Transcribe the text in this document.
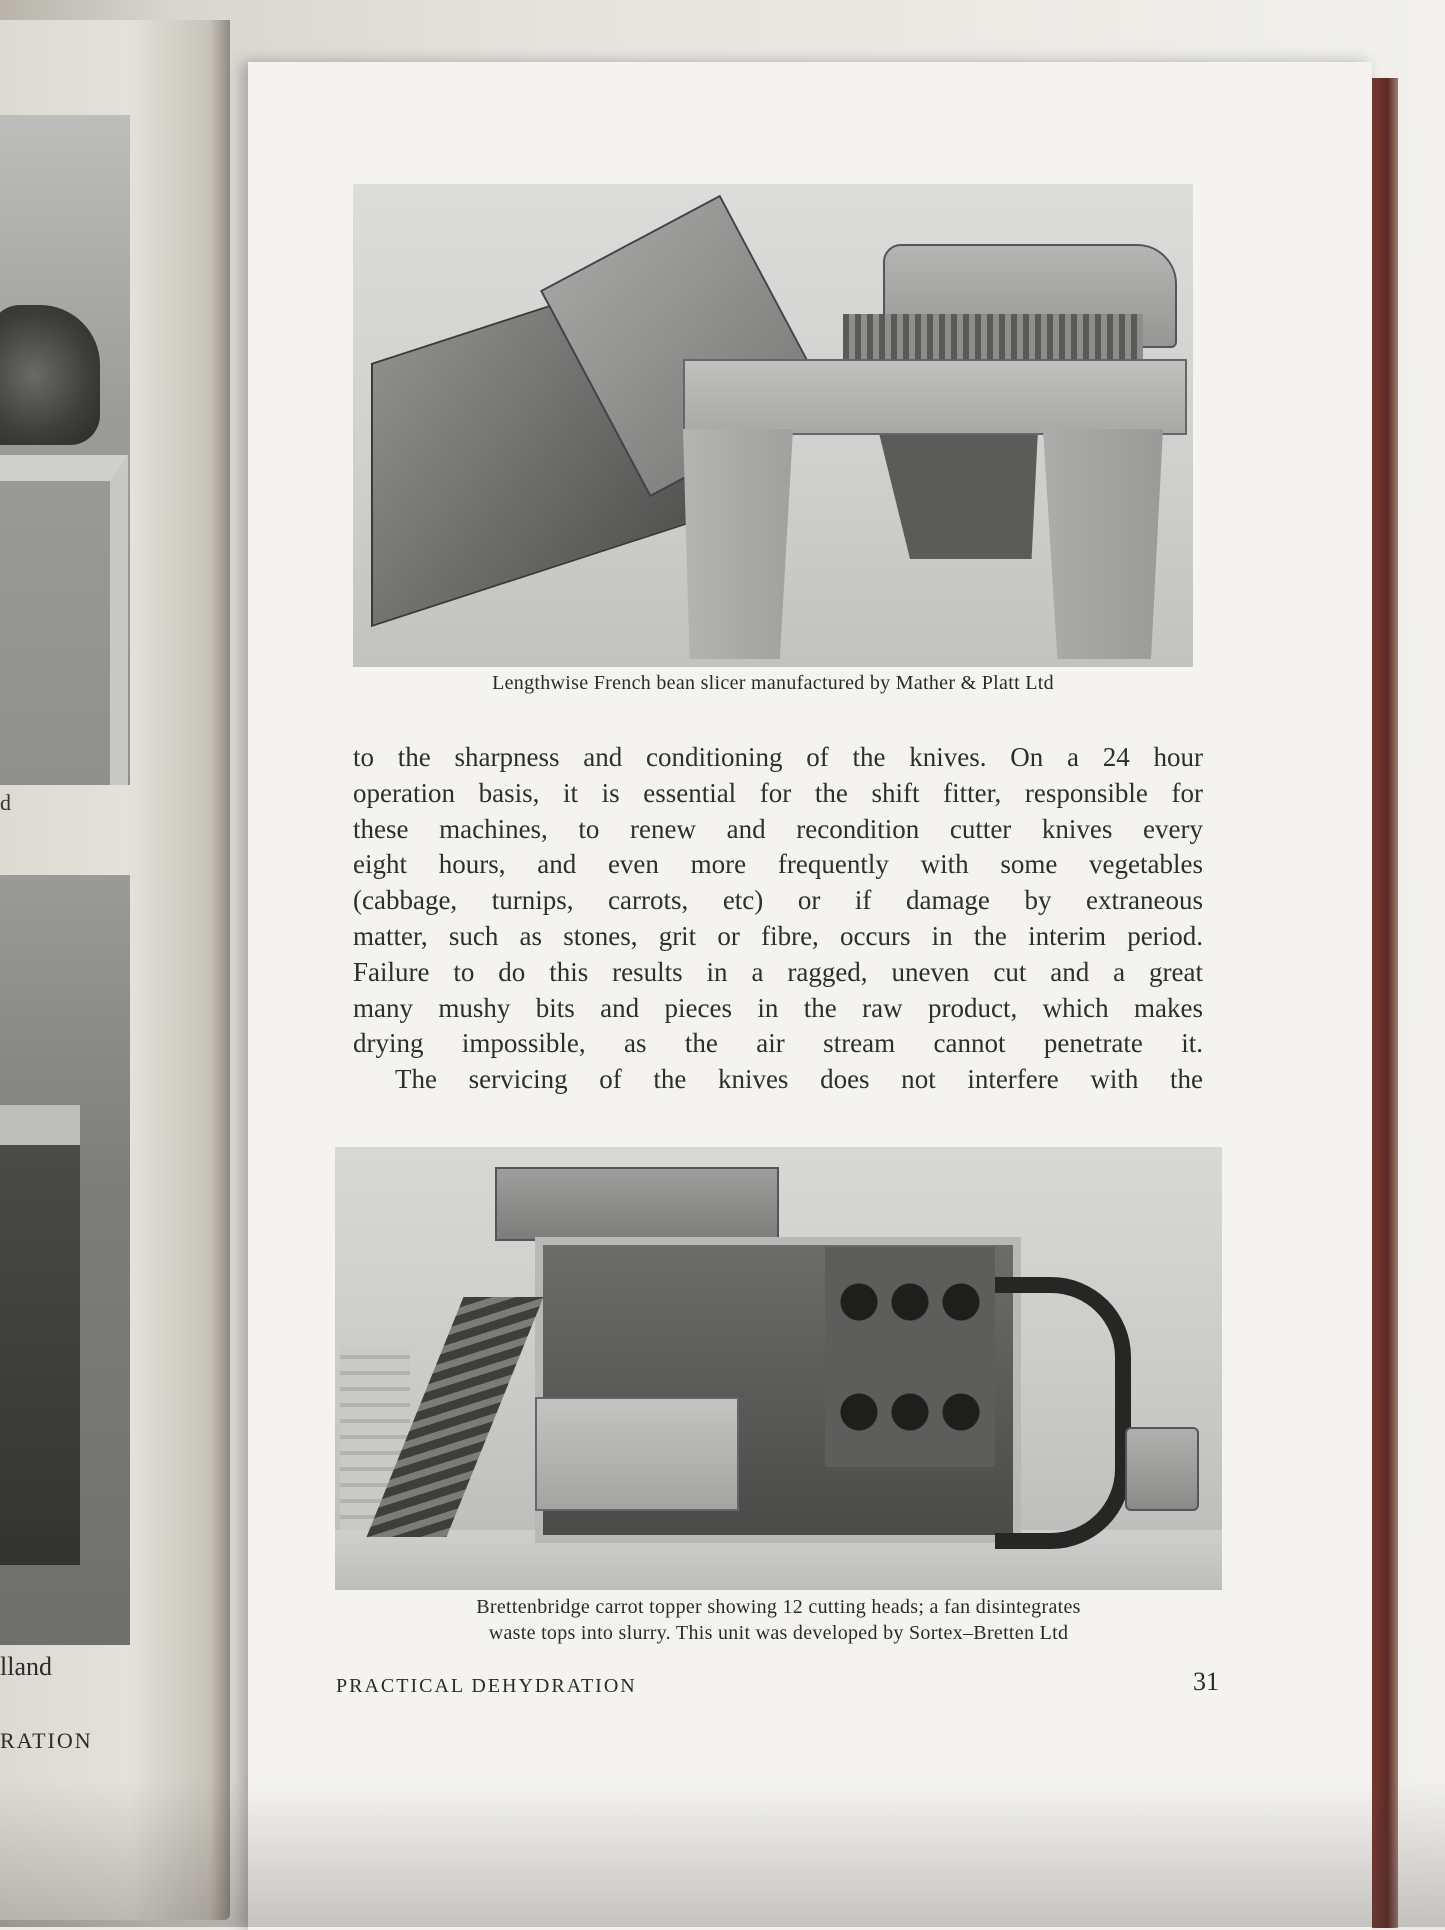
d
lland
RATION
Lengthwise French bean slicer manufactured by Mather & Platt Ltd
to the sharpness and conditioning of the knives. On a 24 hour
operation basis, it is essential for the shift fitter, responsible for
these machines, to renew and recondition cutter knives every
eight hours, and even more frequently with some vegetables
(cabbage, turnips, carrots, etc) or if damage by extraneous
matter, such as stones, grit or fibre, occurs in the interim period.
Failure to do this results in a ragged, uneven cut and a great
many mushy bits and pieces in the raw product, which makes
drying impossible, as the air stream cannot penetrate it.
The servicing of the knives does not interfere with the
Brettenbridge carrot topper showing 12 cutting heads; a fan disintegrates
waste tops into slurry. This unit was developed by Sortex–Bretten Ltd
PRACTICAL DEHYDRATION	31
